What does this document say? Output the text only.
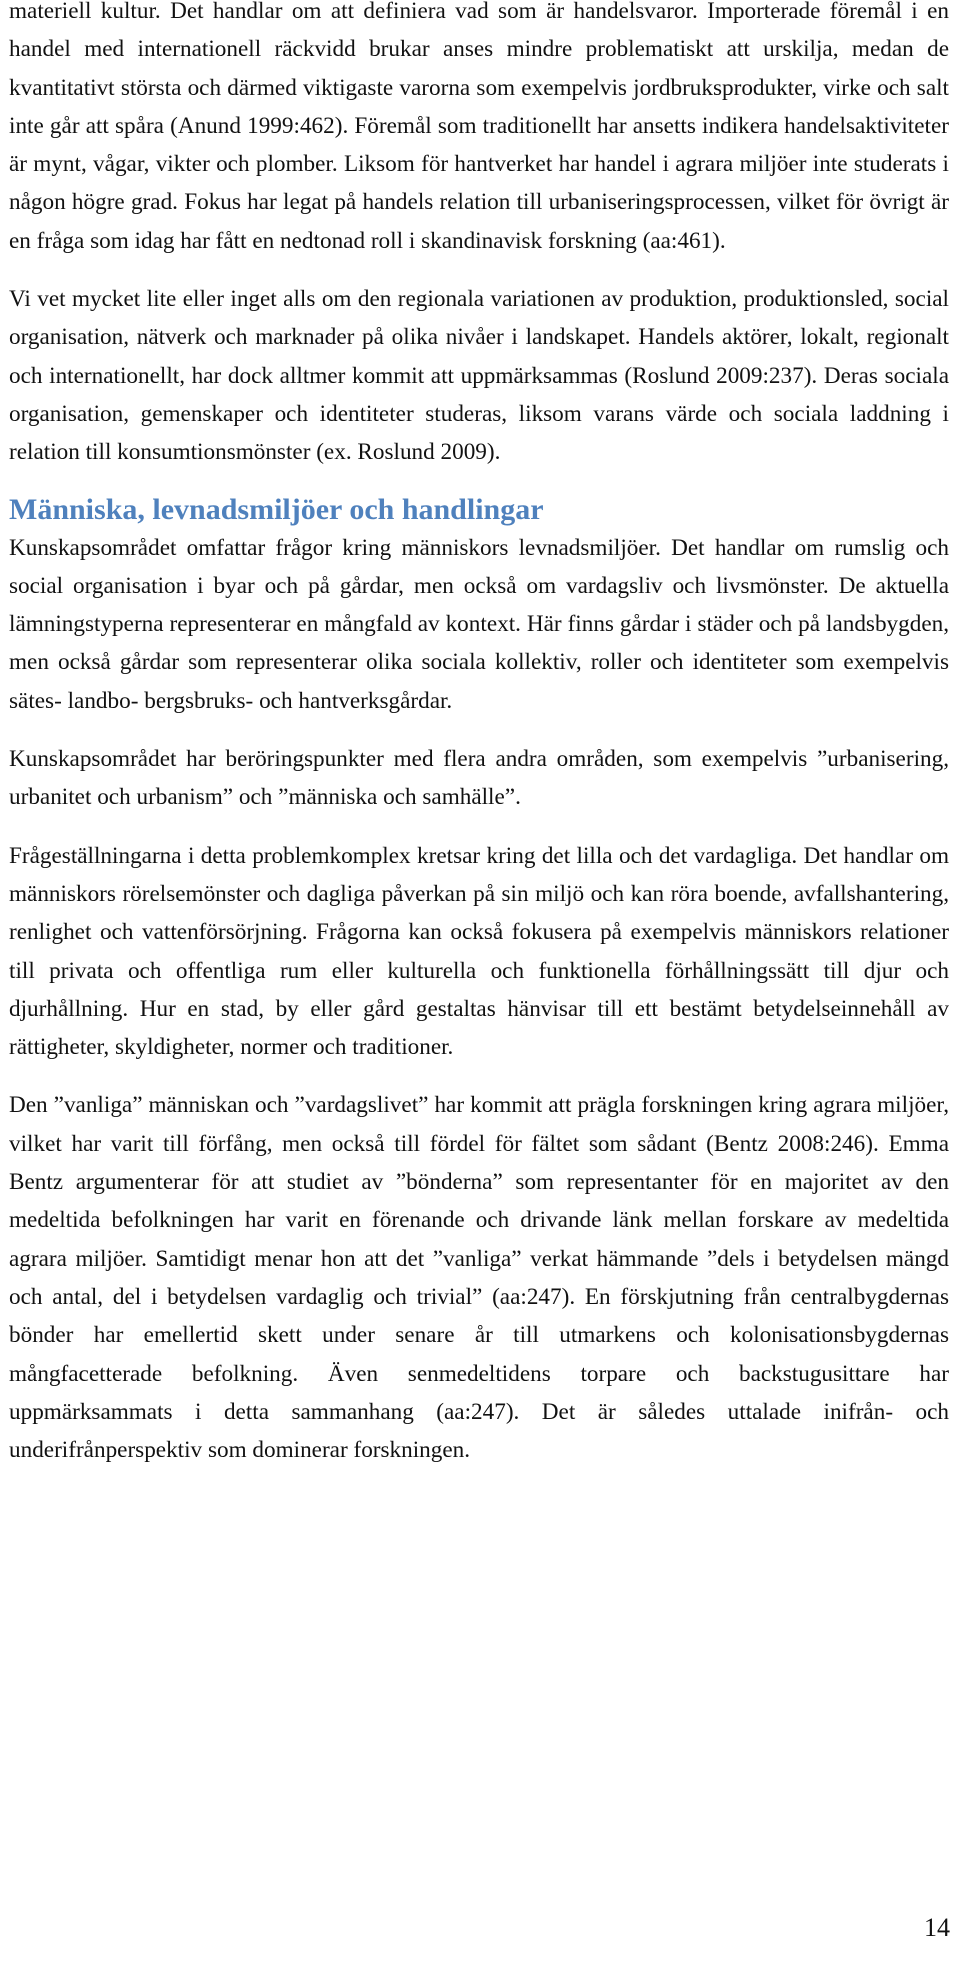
materiell kultur. Det handlar om att definiera vad som är handelsvaror. Importerade föremål i en handel med internationell räckvidd brukar anses mindre problematiskt att urskilja, medan de kvantitativt största och därmed viktigaste varorna som exempelvis jordbruksprodukter, virke och salt inte går att spåra (Anund 1999:462). Föremål som traditionellt har ansetts indikera handelsaktiviteter är mynt, vågar, vikter och plomber. Liksom för hantverket har handel i agrara miljöer inte studerats i någon högre grad. Fokus har legat på handels relation till urbaniseringsprocessen, vilket för övrigt är en fråga som idag har fått en nedtonad roll i skandinavisk forskning (aa:461).

Vi vet mycket lite eller inget alls om den regionala variationen av produktion, produktionsled, social organisation, nätverk och marknader på olika nivåer i landskapet. Handels aktörer, lokalt, regionalt och internationellt, har dock alltmer kommit att uppmärksammas (Roslund 2009:237). Deras sociala organisation, gemenskaper och identiteter studeras, liksom varans värde och sociala laddning i relation till konsumtionsmönster (ex. Roslund 2009).

Människa, levnadsmiljöer och handlingar

Kunskapsområdet omfattar frågor kring människors levnadsmiljöer. Det handlar om rumslig och social organisation i byar och på gårdar, men också om vardagsliv och livsmönster. De aktuella lämningstyperna representerar en mångfald av kontext. Här finns gårdar i städer och på landsbygden, men också gårdar som representerar olika sociala kollektiv, roller och identiteter som exempelvis sätes- landbo- bergsbruks- och hantverksgårdar.

Kunskapsområdet har beröringspunkter med flera andra områden, som exempelvis ”urbanisering, urbanitet och urbanism” och ”människa och samhälle”.

Frågeställningarna i detta problemkomplex kretsar kring det lilla och det vardagliga. Det handlar om människors rörelsemönster och dagliga påverkan på sin miljö och kan röra boende, avfallshantering, renlighet och vattenförsörjning. Frågorna kan också fokusera på exempelvis människors relationer till privata och offentliga rum eller kulturella och funktionella förhållningssätt till djur och djurhållning. Hur en stad, by eller gård gestaltas hänvisar till ett bestämt betydelseinnehåll av rättigheter, skyldigheter, normer och traditioner.

Den ”vanliga” människan och ”vardagslivet” har kommit att prägla forskningen kring agrara miljöer, vilket har varit till förfång, men också till fördel för fältet som sådant (Bentz 2008:246). Emma Bentz argumenterar för att studiet av ”bönderna” som representanter för en majoritet av den medeltida befolkningen har varit en förenande och drivande länk mellan forskare av medeltida agrara miljöer. Samtidigt menar hon att det ”vanliga” verkat hämmande ”dels i betydelsen mängd och antal, del i betydelsen vardaglig och trivial” (aa:247). En förskjutning från centralbygdernas bönder har emellertid skett under senare år till utmarkens och kolonisationsbygdernas mångfacetterade befolkning. Även senmedeltidens torpare och backstugusittare har uppmärksammats i detta sammanhang (aa:247). Det är således uttalade inifrån- och underifrånperspektiv som dominerar forskningen.

14
